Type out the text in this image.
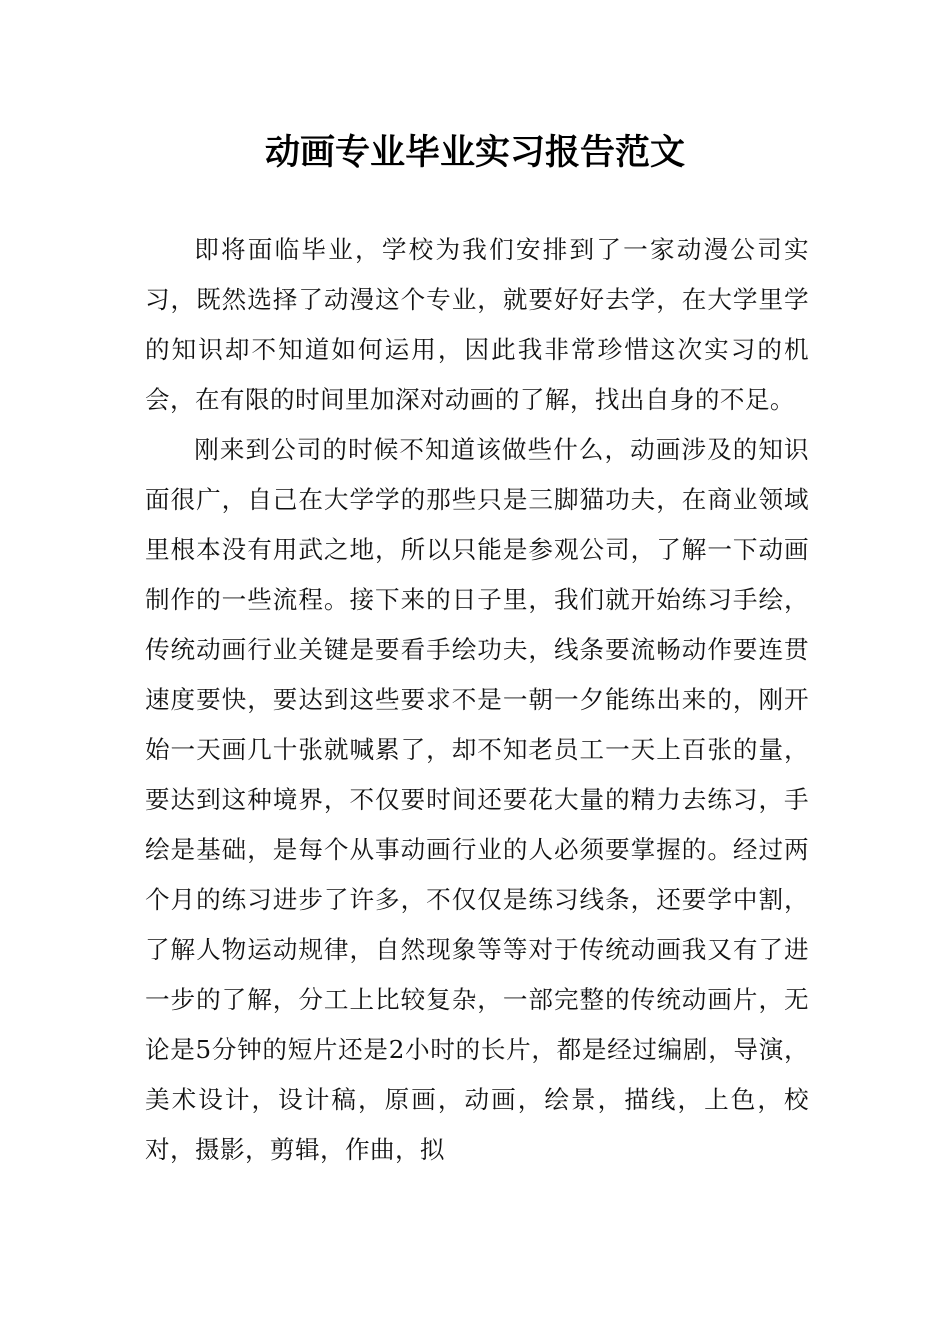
动画专业毕业实习报告范文

即将面临毕业，学校为我们安排到了一家动漫公司实习，既然选择了动漫这个专业，就要好好去学，在大学里学的知识却不知道如何运用，因此我非常珍惜这次实习的机会，在有限的时间里加深对动画的了解，找出自身的不足。

刚来到公司的时候不知道该做些什么，动画涉及的知识面很广，自己在大学学的那些只是三脚猫功夫，在商业领域里根本没有用武之地，所以只能是参观公司，了解一下动画制作的一些流程。接下来的日子里，我们就开始练习手绘，传统动画行业关键是要看手绘功夫，线条要流畅动作要连贯速度要快，要达到这些要求不是一朝一夕能练出来的，刚开始一天画几十张就喊累了，却不知老员工一天上百张的量，要达到这种境界，不仅要时间还要花大量的精力去练习，手绘是基础，是每个从事动画行业的人必须要掌握的。经过两个月的练习进步了许多，不仅仅是练习线条，还要学中割，了解人物运动规律，自然现象等等对于传统动画我又有了进一步的了解，分工上比较复杂，一部完整的传统动画片，无论是5分钟的短片还是2小时的长片，都是经过编剧，导演，美术设计，设计稿，原画，动画，绘景，描线，上色，校对，摄影，剪辑，作曲，拟
